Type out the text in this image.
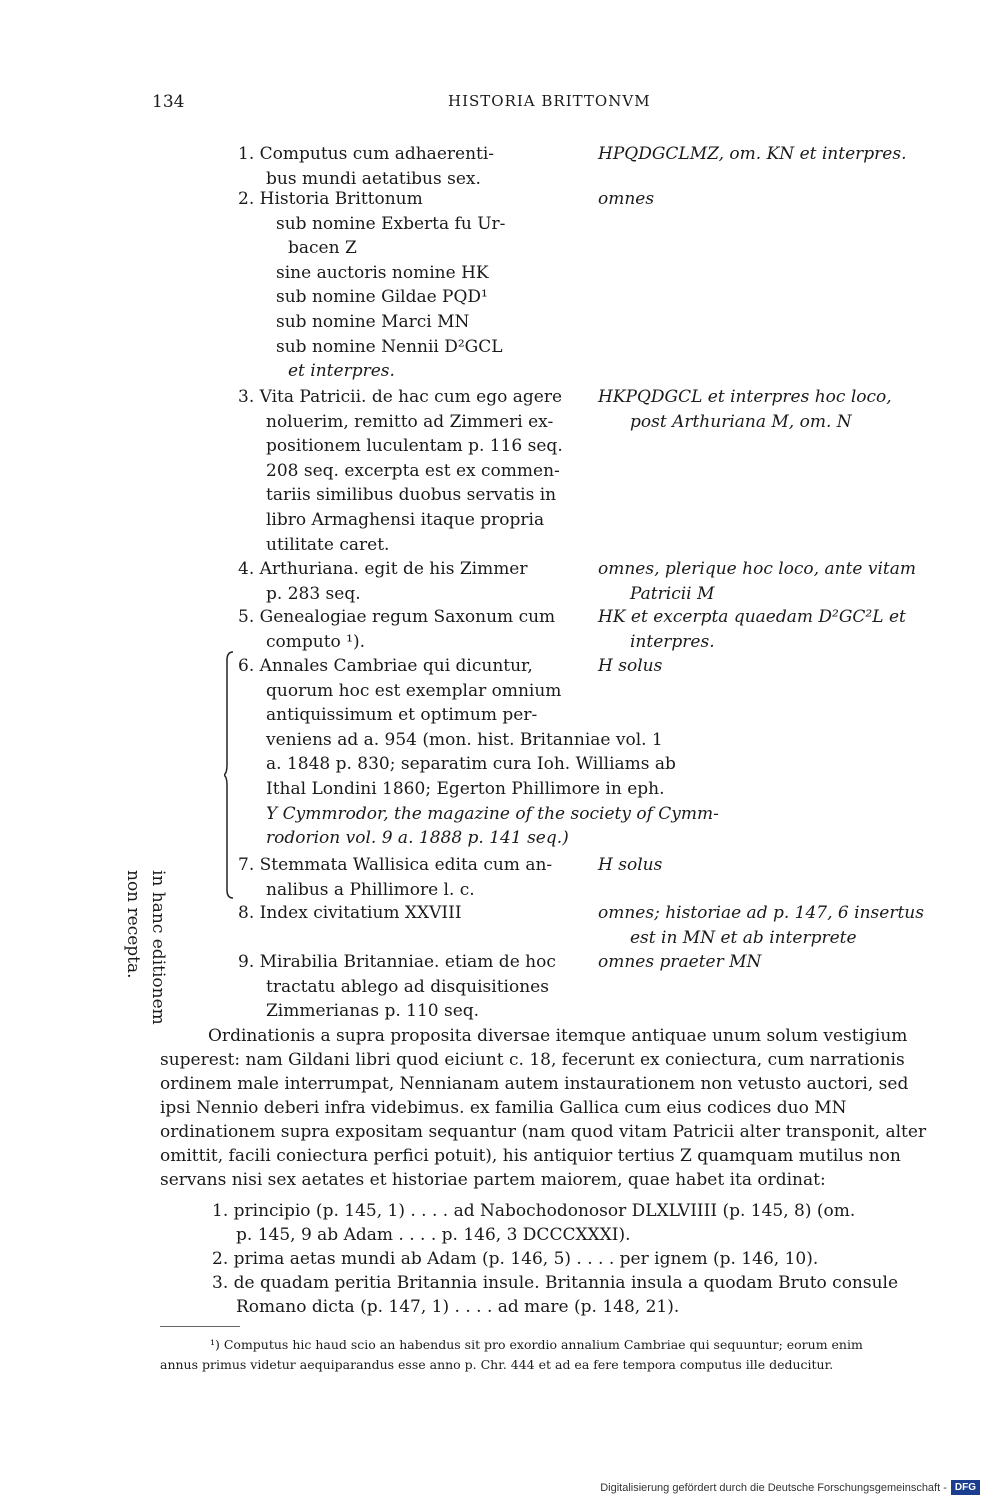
134	HISTORIA BRITTONVM
1. Computus cum adhaerenti-
bus mundi aetatibus sex.
HPQDGCLMZ, om. KN et interpres.
2. Historia Brittonum
sub nomine Exberta fu Ur-
bacen Z
sine auctoris nomine HK
sub nomine Gildae PQD¹
sub nomine Marci MN
sub nomine Nennii D²GCL
et interpres.
omnes
3. Vita Patricii. de hac cum ego agere
noluerim, remitto ad Zimmeri ex-
positionem luculentam p. 116 seq.
208 seq. excerpta est ex commen-
tariis similibus duobus servatis in
libro Armaghensi itaque propria
utilitate caret.
HKPQDGCL et interpres hoc loco,
post Arthuriana M, om. N
4. Arthuriana. egit de his Zimmer
p. 283 seq.
omnes, plerique hoc loco, ante vitam
Patricii M
5. Genealogiae regum Saxonum cum
computo ¹).
HK et excerpta quaedam D²GC²L et
interpres.
6. Annales Cambriae qui dicuntur,
quorum hoc est exemplar omnium
antiquissimum et optimum per-
veniens ad a. 954 (mon. hist. Britanniae vol. 1
a. 1848 p. 830; separatim cura Ioh. Williams ab
Ithal Londini 1860; Egerton Phillimore in eph.
Y Cymmrodor, the magazine of the society of Cymm-
rodorion vol. 9 a. 1888 p. 141 seq.)
H solus
7. Stemmata Wallisica edita cum an-
nalibus a Phillimore l. c.
H solus
8. Index civitatium XXVIII	omnes; historiae ad p. 147, 6 insertus
est in MN et ab interprete
9. Mirabilia Britanniae. etiam de hoc
tractatu ablego ad disquisitiones
Zimmerianas p. 110 seq.
omnes praeter MN
in hanc editionem
non recepta.
Ordinationis a supra proposita diversae itemque antiquae unum solum vestigium
superest: nam Gildani libri quod eiciunt c. 18, fecerunt ex coniectura, cum narrationis
ordinem male interrumpat, Nennianam autem instaurationem non vetusto auctori, sed
ipsi Nennio deberi infra videbimus. ex familia Gallica cum eius codices duo MN
ordinationem supra expositam sequantur (nam quod vitam Patricii alter transponit, alter
omittit, facili coniectura perfici potuit), his antiquior tertius Z quamquam mutilus non
servans nisi sex aetates et historiae partem maiorem, quae habet ita ordinat:
1. principio (p. 145, 1) . . . . ad Nabochodonosor DLXLVIIII (p. 145, 8) (om.
p. 145, 9 ab Adam . . . . p. 146, 3 DCCCXXXI).
2. prima aetas mundi ab Adam (p. 146, 5) . . . . per ignem (p. 146, 10).
3. de quadam peritia Britannia insule. Britannia insula a quodam Bruto consule
Romano dicta (p. 147, 1) . . . . ad mare (p. 148, 21).
¹) Computus hic haud scio an habendus sit pro exordio annalium Cambriae qui sequuntur; eorum enim
annus primus videtur aequiparandus esse anno p. Chr. 444 et ad ea fere tempora computus ille deducitur.
Digitalisierung gefördert durch die Deutsche Forschungsgemeinschaft - DFG
